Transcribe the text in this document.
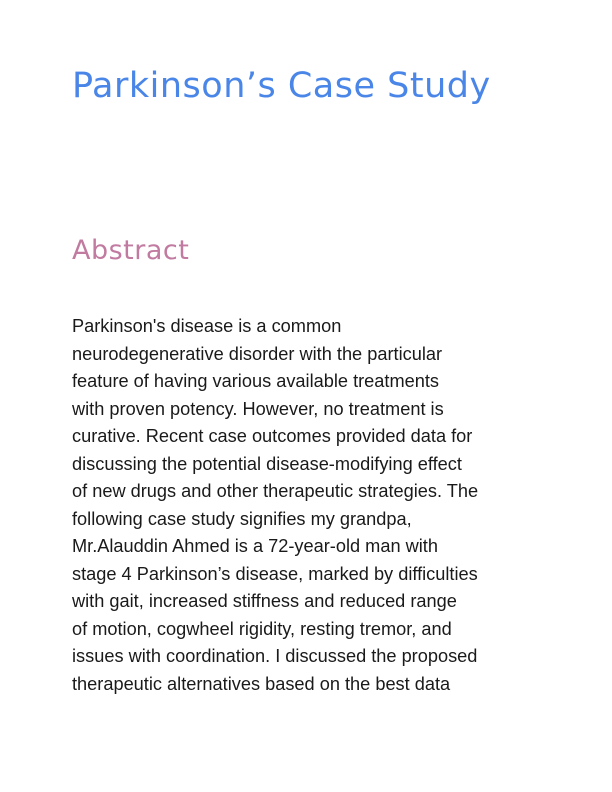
Parkinson’s Case Study
Abstract

Parkinson's disease is a common
neurodegenerative disorder with the particular
feature of having various available treatments
with proven potency. However, no treatment is
curative. Recent case outcomes provided data for
discussing the potential disease-modifying effect
of new drugs and other therapeutic strategies. The
following case study signifies my grandpa,
Mr.Alauddin Ahmed is a 72-year-old man with
stage 4 Parkinson’s disease, marked by difficulties
with gait, increased stiffness and reduced range
of motion, cogwheel rigidity, resting tremor, and
issues with coordination. I discussed the proposed
therapeutic alternatives based on the best data
